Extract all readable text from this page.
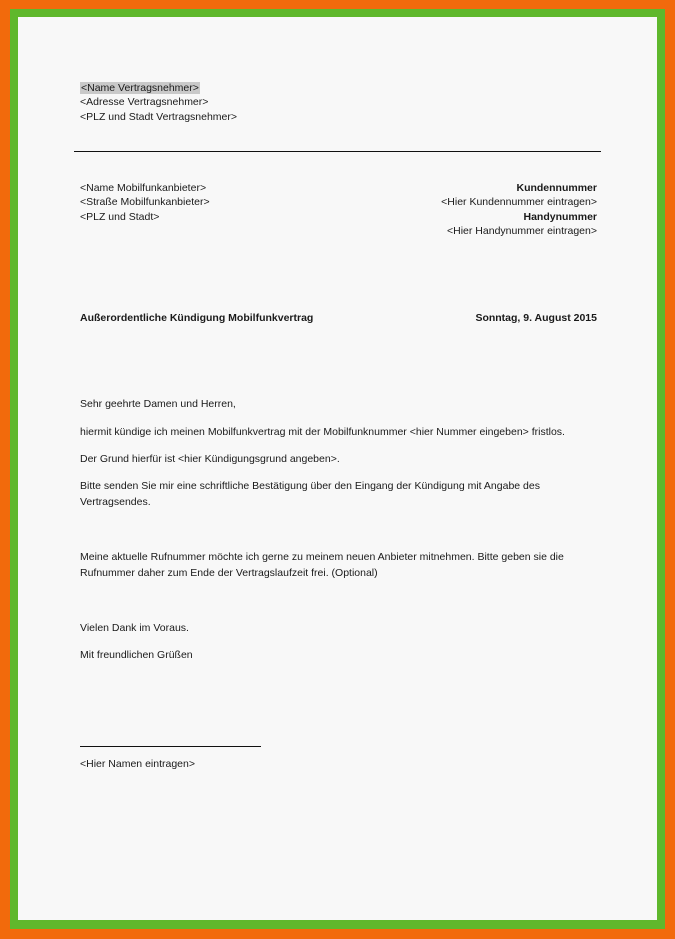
<Name Vertragsnehmer>
<Adresse Vertragsnehmer>
<PLZ und Stadt Vertragsnehmer>
<Name Mobilfunkanbieter>
<Straße Mobilfunkanbieter>
<PLZ und Stadt>
Kundennummer
<Hier Kundennummer eintragen>
Handynummer
<Hier Handynummer eintragen>
Außerordentliche Kündigung Mobilfunkvertrag	Sonntag, 9. August 2015
Sehr geehrte Damen und Herren,
hiermit kündige ich meinen Mobilfunkvertrag mit der Mobilfunknummer <hier Nummer eingeben> fristlos.
Der Grund hierfür ist <hier Kündigungsgrund angeben>.
Bitte senden Sie mir eine schriftliche Bestätigung über den Eingang der Kündigung mit Angabe des
Vertragsendes.
Meine aktuelle Rufnummer möchte ich gerne zu meinem neuen Anbieter mitnehmen. Bitte geben sie die
Rufnummer daher zum Ende der Vertragslaufzeit frei. (Optional)
Vielen Dank im Voraus.
Mit freundlichen Grüßen
<Hier Namen eintragen>
